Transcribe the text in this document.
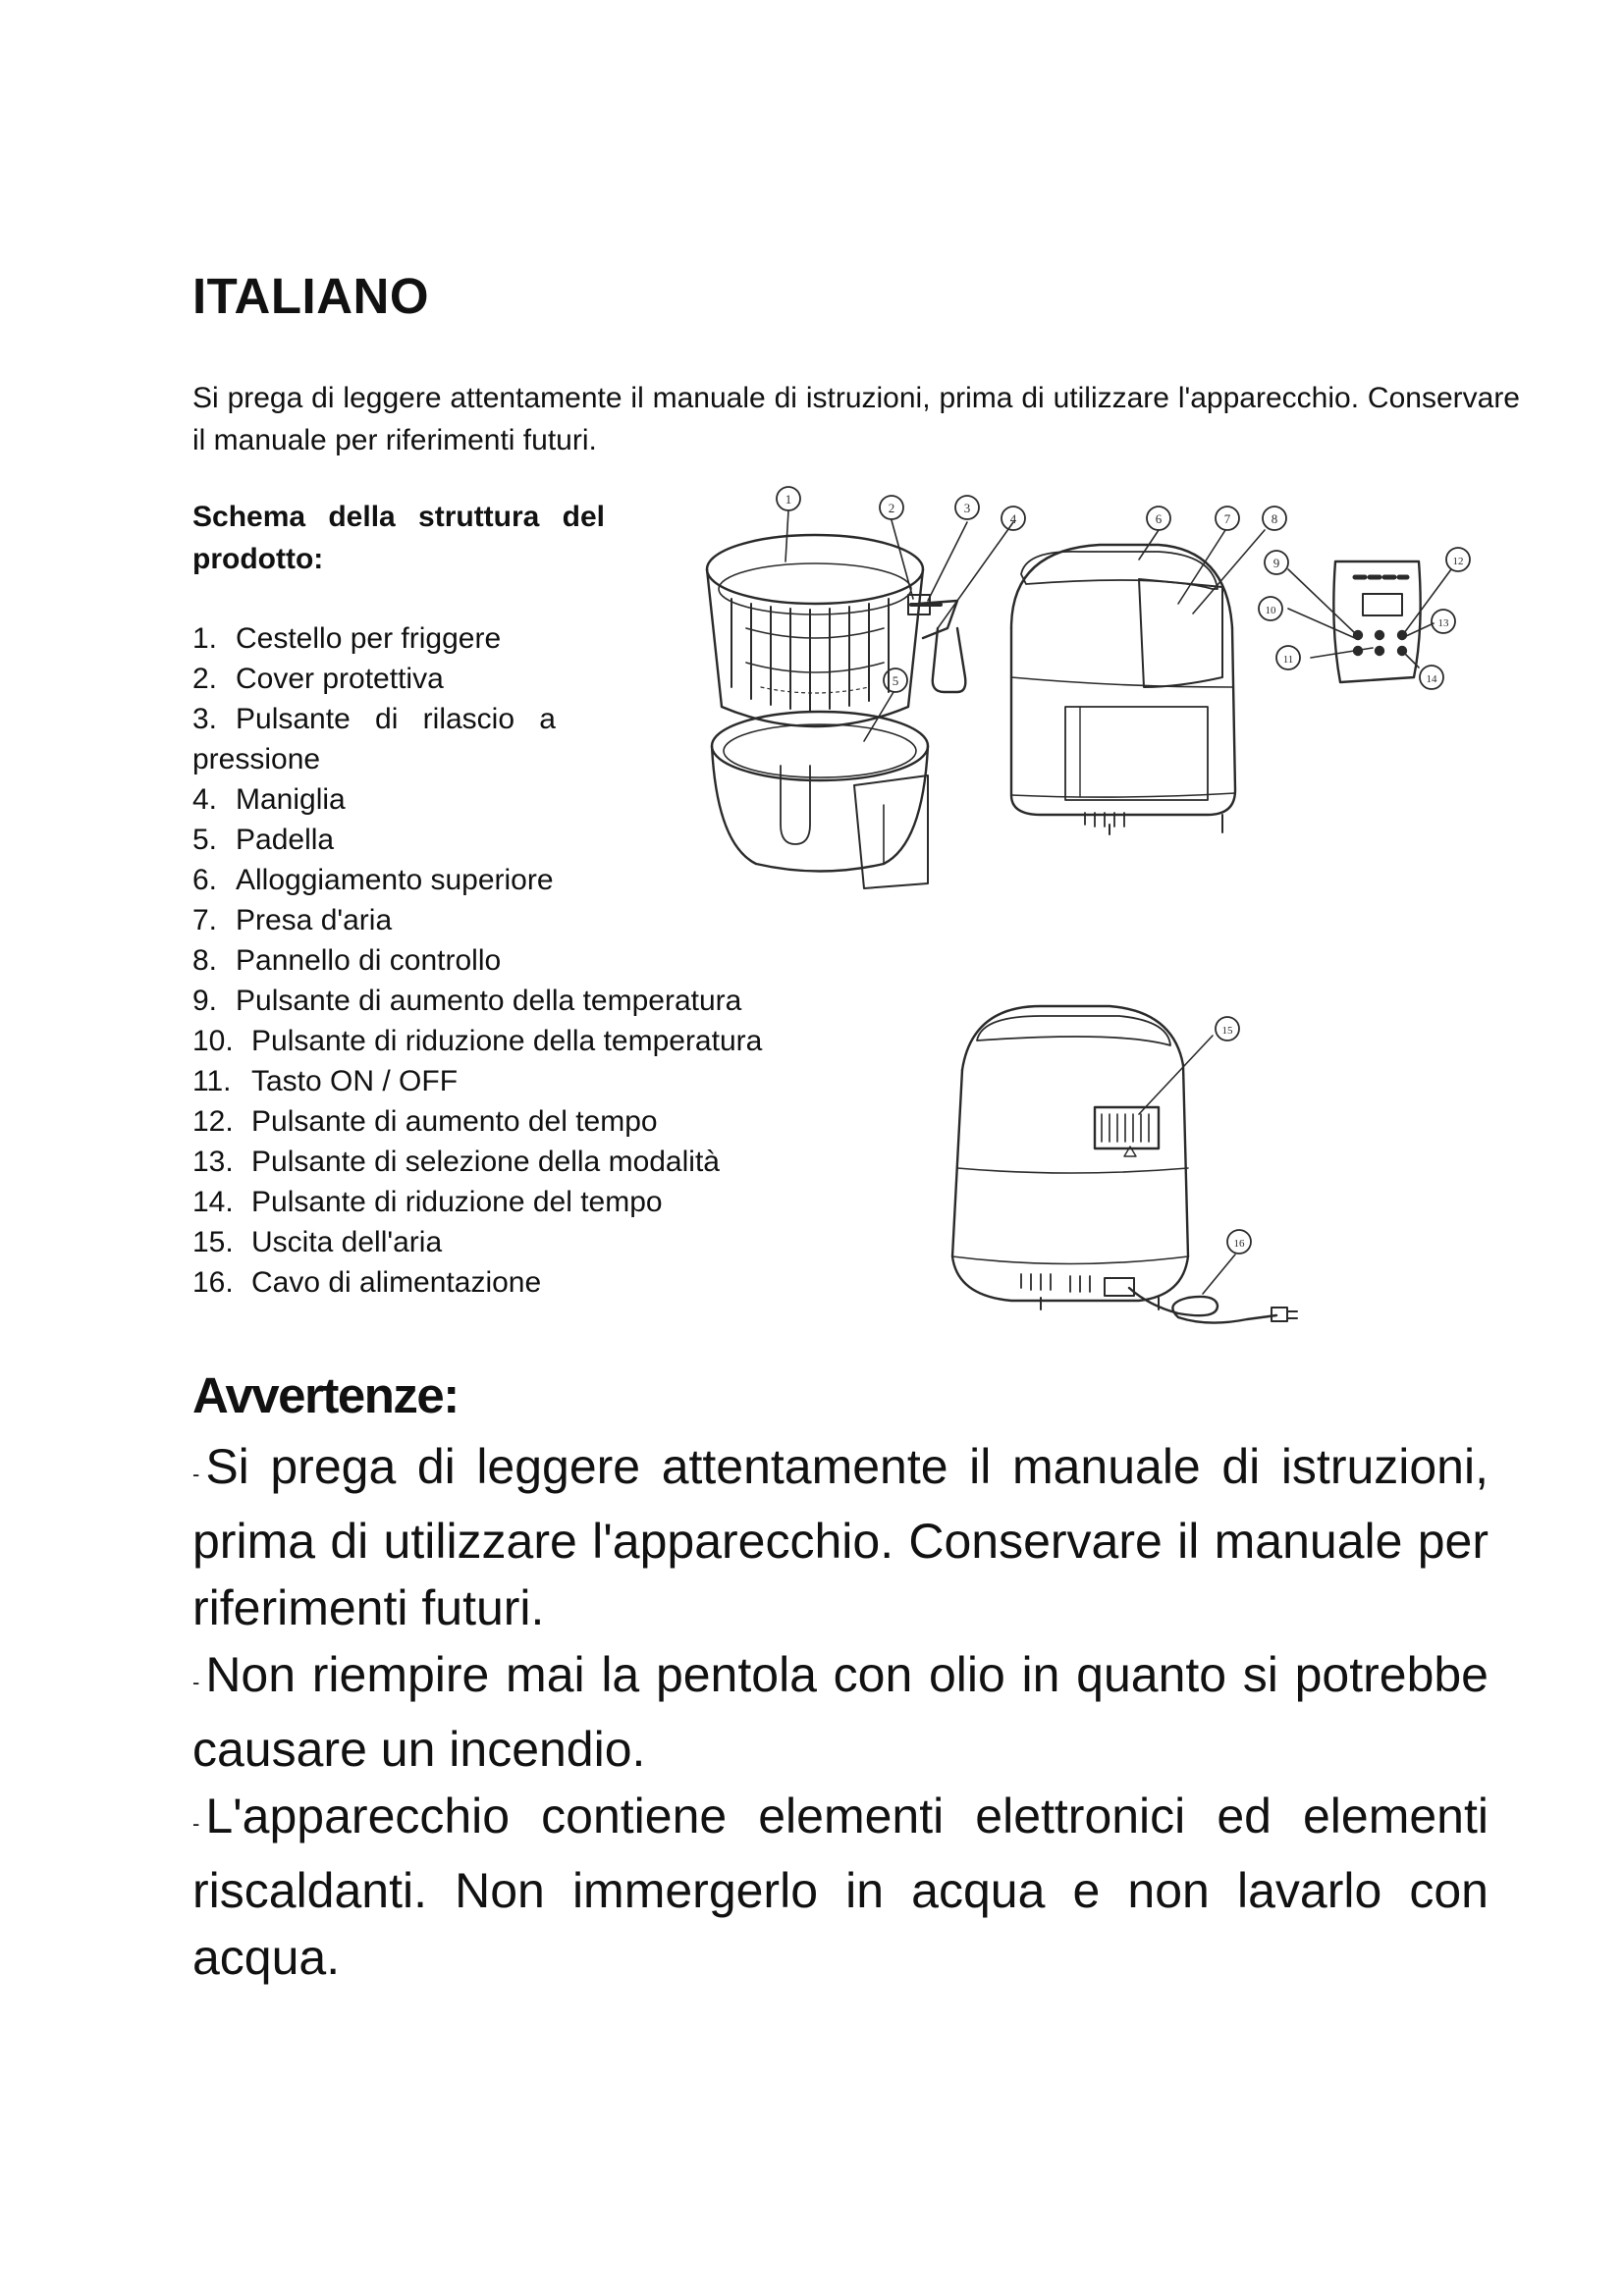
ITALIANO

Si prega di leggere attentamente il manuale di istruzioni, prima di utilizzare l'apparecchio. Conservare il manuale per riferimenti futuri.

Schema della struttura del prodotto:

1. Cestello per friggere
2. Cover protettiva
3. Pulsante di rilascio a pressione
4. Maniglia
5. Padella
6. Alloggiamento superiore
7. Presa d'aria
8. Pannello di controllo
9. Pulsante di aumento della temperatura
10. Pulsante di riduzione della temperatura
11. Tasto ON / OFF
12. Pulsante di aumento del tempo
13. Pulsante di selezione della modalità
14. Pulsante di riduzione del tempo
15. Uscita dell'aria
16. Cavo di alimentazione
1
2	3
4
5
6	7	8
9
10
11
12
13
14
15
16
Avvertenze:

- Si prega di leggere attentamente il manuale di istruzioni, prima di utilizzare l'apparecchio. Conservare il manuale per riferimenti futuri.

- Non riempire mai la pentola con olio in quanto si potrebbe causare un incendio.

- L'apparecchio contiene elementi elettronici ed elementi riscaldanti. Non immergerlo in acqua e non lavarlo con acqua.
